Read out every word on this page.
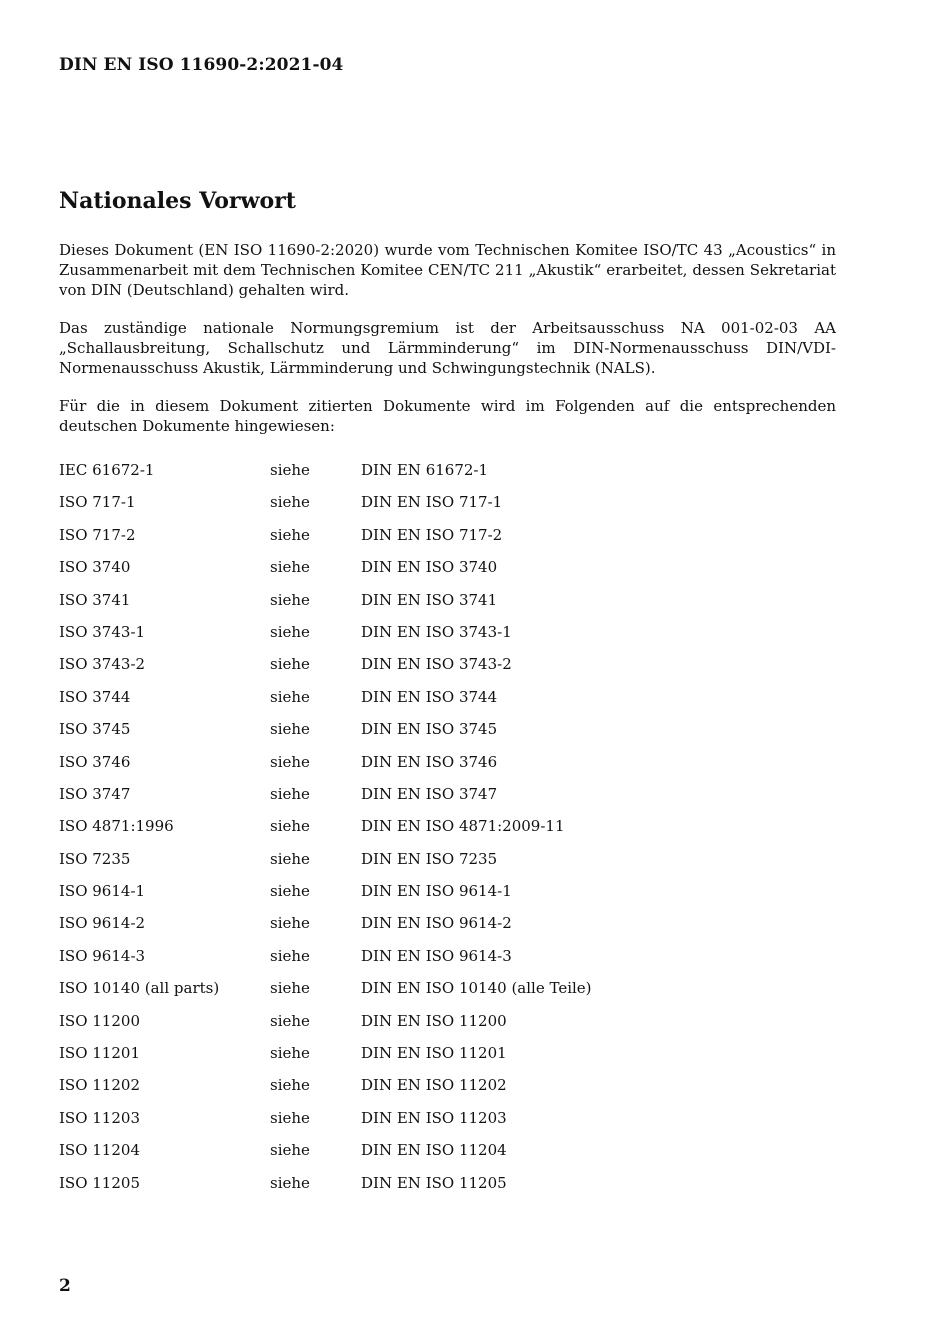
DIN EN ISO 11690-2:2021-04
Nationales Vorwort

Dieses Dokument (EN ISO 11690-2:2020) wurde vom Technischen Komitee ISO/TC 43 „Acoustics“ in Zusammenarbeit mit dem Technischen Komitee CEN/TC 211 „Akustik“ erarbeitet, dessen Sekretariat von DIN (Deutschland) gehalten wird.

Das zuständige nationale Normungsgremium ist der Arbeitsausschuss NA 001-02-03 AA „Schallausbreitung, Schallschutz und Lärmminderung“ im DIN-Normenausschuss DIN/VDI-Normenausschuss Akustik, Lärmminderung und Schwingungstechnik (NALS).

Für die in diesem Dokument zitierten Dokumente wird im Folgenden auf die entsprechenden deutschen Dokumente hingewiesen:

IEC 61672-1	siehe	DIN EN 61672-1
ISO 717-1	siehe	DIN EN ISO 717-1
ISO 717-2	siehe	DIN EN ISO 717-2
ISO 3740	siehe	DIN EN ISO 3740
ISO 3741	siehe	DIN EN ISO 3741
ISO 3743-1	siehe	DIN EN ISO 3743-1
ISO 3743-2	siehe	DIN EN ISO 3743-2
ISO 3744	siehe	DIN EN ISO 3744
ISO 3745	siehe	DIN EN ISO 3745
ISO 3746	siehe	DIN EN ISO 3746
ISO 3747	siehe	DIN EN ISO 3747
ISO 4871:1996	siehe	DIN EN ISO 4871:2009-11
ISO 7235	siehe	DIN EN ISO 7235
ISO 9614-1	siehe	DIN EN ISO 9614-1
ISO 9614-2	siehe	DIN EN ISO 9614-2
ISO 9614-3	siehe	DIN EN ISO 9614-3
ISO 10140 (all parts)	siehe	DIN EN ISO 10140 (alle Teile)
ISO 11200	siehe	DIN EN ISO 11200
ISO 11201	siehe	DIN EN ISO 11201
ISO 11202	siehe	DIN EN ISO 11202
ISO 11203	siehe	DIN EN ISO 11203
ISO 11204	siehe	DIN EN ISO 11204
ISO 11205	siehe	DIN EN ISO 11205
2
